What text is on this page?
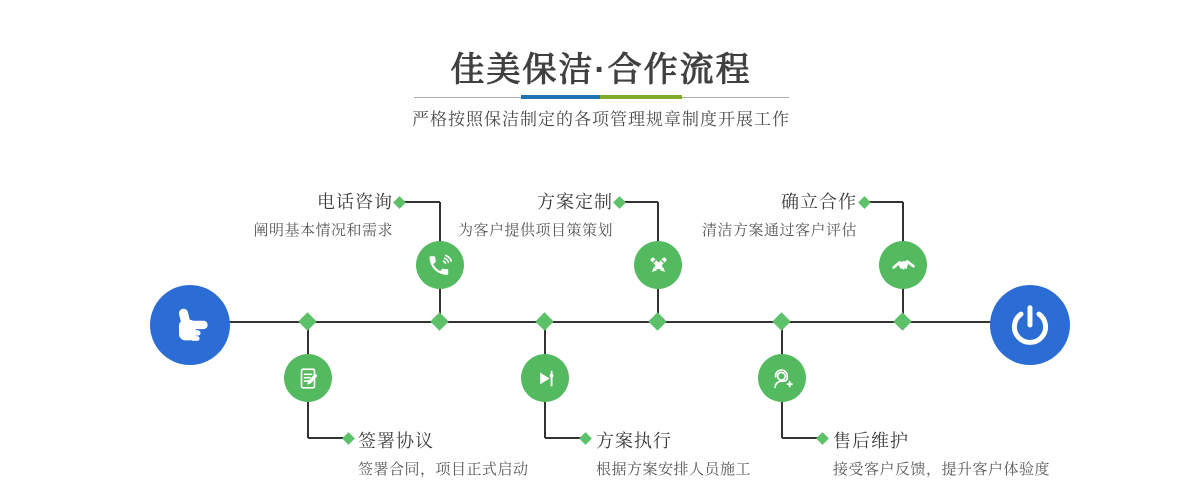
佳美保洁·合作流程
严格按照保洁制定的各项管理规章制度开展工作
电话咨询
阐明基本情况和需求
签署协议
签署合同，项目正式启动
方案定制
为客户提供项目策策划
方案执行
根据方案安排人员施工
确立合作
清洁方案通过客户评估
售后维护
接受客户反馈，提升客户体验度
